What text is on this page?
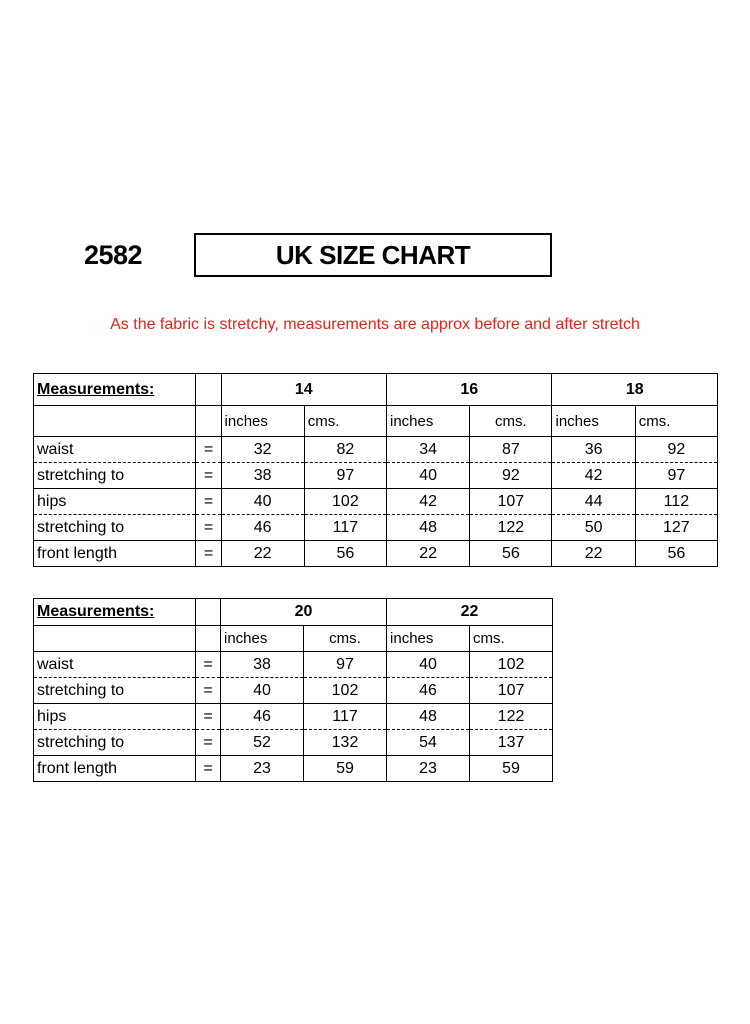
2582	UK SIZE CHART
As the fabric is stretchy, measurements are approx before and after stretch
Measurements:		14		16		18	
		inches	cms.	inches	cms.	inches	cms.
waist	=	32	82	34	87	36	92
stretching to	=	38	97	40	92	42	97
hips	=	40	102	42	107	44	112
stretching to	=	46	117	48	122	50	127
front length	=	22	56	22	56	22	56
Measurements:		20		22	
		inches	cms.	inches	cms.
waist	=	38	97	40	102
stretching to	=	40	102	46	107
hips	=	46	117	48	122
stretching to	=	52	132	54	137
front length	=	23	59	23	59
